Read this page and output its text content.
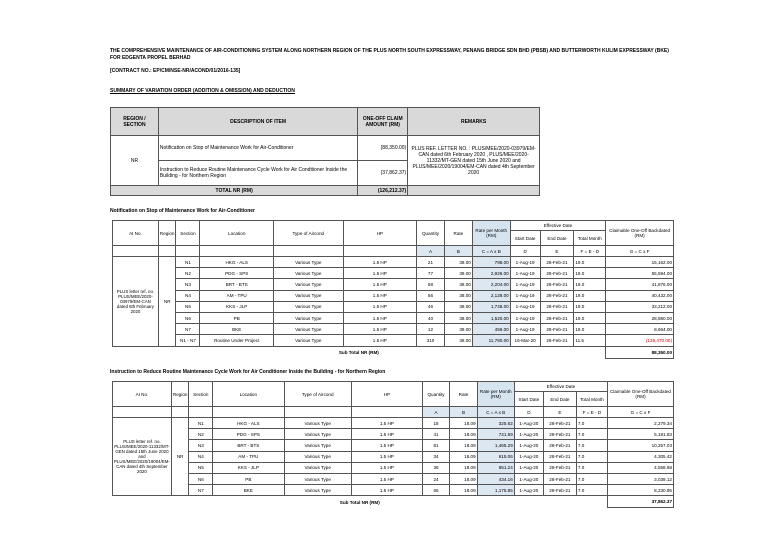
THE COMPREHENSIVE MAINTENANCE OF AIR-CONDITIONING SYSTEM ALONG NORTHERN REGION OF THE PLUS NORTH SOUTH EXPRESSWAY, PENANG BRIDGE SDN BHD (PBSB) AND BUTTERWORTH KULIM EXPRESSWAY (BKE) FOR EDGENTA PROPEL BERHAD
[CONTRACT NO.: EP/CM/NSE-NR/ACOND/01/2016-135]
SUMMARY OF VARIATION ORDER (ADDITION & OMISSION) AND DEDUCTION
REGION / SECTION	DESCRIPTION OF ITEM	ONE-OFF CLAIM AMOUNT (RM)	REMARKS
NR	Notification on Stop of Maintenance Work for Air-Conditioner	(88,350.00)	PLUS REF. LETTER NO. : PLUS/MEE/2020-03979/EM-CAN dated 6th February 2020 , PLUS/MEE/2020-11332/MT-GEN dated 15th June 2020 and PLUS/MEE/2020/19004/EM-CAN dated 4th September 2020
	Instruction to Reduce Routine Maintenance Cycle Work for Air Conditioner Inside the Building - for Northern Region	(37,862.37)	
TOTAL NR (RM)		(126,212.37)	
Notification on Stop of Maintenance Work for Air-Conditioner
AI No.	Region	Section	Location	Type of Aircond	HP	Quantity	Rate	Rate per Month (RM)	Effective Date			Claimable One-Off Backdated (RM)
									Start Date	End Date	Total Month	
						A	B	C = A x B	D	E	F = E - D	G = C x F
PLUS letter ref. no. PLUS/MEE/2020-03979/EM-CAN dated 6th February 2020	NR	N1	HKG - ALS	Various Type	1.5 HP	21	38.00	798.00	1-Aug-19	28-Feb-21	19.0	15,162.00
		N2	PDG - SPS	Various Type	1.5 HP	77	38.00	2,926.00	1-Aug-19	28-Feb-21	19.0	55,594.00
		N3	BRT - BTS	Various Type	1.5 HP	58	38.00	2,204.00	1-Aug-19	28-Feb-21	19.0	41,876.00
		N4	AM - TPU	Various Type	1.5 HP	56	38.00	2,128.00	1-Aug-19	28-Feb-21	19.0	40,432.00
		N5	KKS - JLP	Various Type	1.5 HP	46	38.00	1,748.00	1-Aug-19	28-Feb-21	19.0	33,212.00
		N6	PB	Various Type	1.5 HP	40	38.00	1,520.00	1-Aug-19	28-Feb-21	19.0	28,880.00
		N7	BKE	Various Type	1.5 HP	12	38.00	456.00	1-Aug-19	28-Feb-21	19.0	8,664.00
		N1 - N7	Routine Under Project	Various Type	1.5 HP	310	38.00	11,780.00	16-Mar-20	28-Feb-21	11.5	(135,470.00)
Sub Total NR (RM)												88,350.00
Instruction to Reduce Routine Maintenance Cycle Work for Air Conditioner Inside the Building - for Northern Region
AI No.	Region	Section	Location	Type of Aircond	HP	Quantity	Rate	Rate per Month (RM)	Effective Date			Claimable One-Off Backdated (RM)
									Start Date	End Date	Total Month	
						A	B	C = A x B	D	E	F = E - D	G = C x F
PLUS letter ref. no. PLUS/MEE/2020-11332/MT-GEN dated 15th June 2020 and PLUS/MEE/2020/19004/EM-CAN dated 4th September 2020	NR	N1	HKG - ALS	Various Type	1.5 HP	18	18.09	325.62	1-Aug-20	28-Feb-21	7.0	2,279.34
		N2	PDG - SPS	Various Type	1.5 HP	41	18.09	741.69	1-Aug-20	28-Feb-21	7.0	5,191.83
		N3	BRT - BTS	Various Type	1.5 HP	81	18.09	1,465.29	1-Aug-20	28-Feb-21	7.0	10,257.03
		N4	AM - TPU	Various Type	1.5 HP	34	18.09	615.06	1-Aug-20	28-Feb-21	7.0	4,305.42
		N5	KKS - JLP	Various Type	1.5 HP	36	18.09	651.24	1-Aug-20	28-Feb-21	7.0	4,558.68
		N6	PB	Various Type	1.5 HP	24	18.09	434.16	1-Aug-20	28-Feb-21	7.0	3,039.12
		N7	BKE	Various Type	1.5 HP	65	18.09	1,175.85	1-Aug-20	28-Feb-21	7.0	8,230.95
Sub Total NR (RM)												37,862.37
